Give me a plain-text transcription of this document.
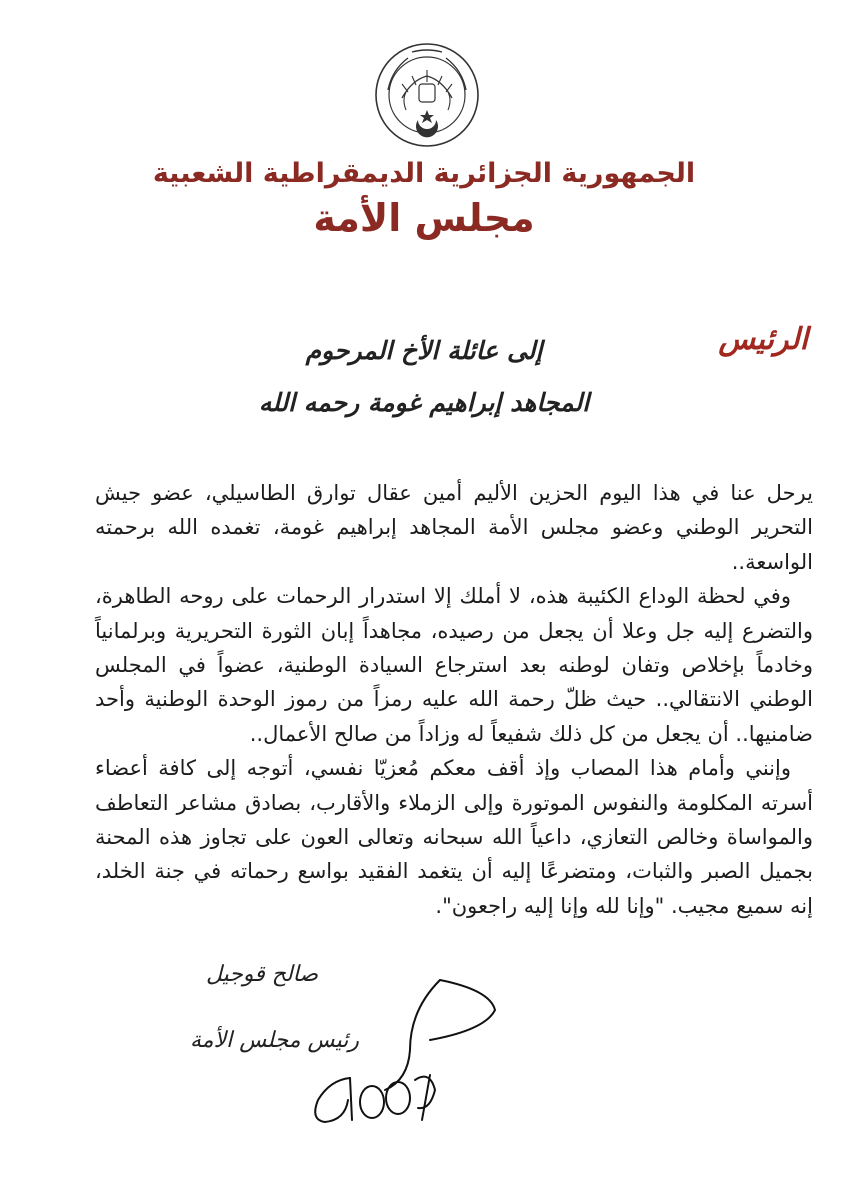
الجمهورية الجزائرية الديمقراطية الشعبية
مجلس الأمة
الرئيس
إلى عائلة الأخ المرحوم
المجاهد إبراهيم غومة رحمه الله

يرحل عنا في هذا اليوم الحزين الأليم أمين عقال توارق الطاسيلي، عضو جيش التحرير الوطني وعضو مجلس الأمة المجاهد إبراهيم غومة، تغمده الله برحمته الواسعة..

وفي لحظة الوداع الكئيبة هذه، لا أملك إلا استدرار الرحمات على روحه الطاهرة، والتضرع إليه جل وعلا أن يجعل من رصيده، مجاهداً إبان الثورة التحريرية وبرلمانياً وخادماً بإخلاص وتفان لوطنه بعد استرجاع السيادة الوطنية، عضواً في المجلس الوطني الانتقالي.. حيث ظلّ رحمة الله عليه رمزاً من رموز الوحدة الوطنية وأحد ضامنيها.. أن يجعل من كل ذلك شفيعاً له وزاداً من صالح الأعمال..

وإنني وأمام هذا المصاب وإذ أقف معكم مُعزيّا نفسي، أتوجه إلى كافة أعضاء أسرته المكلومة والنفوس الموتورة وإلى الزملاء والأقارب، بصادق مشاعر التعاطف والمواساة وخالص التعازي، داعياً الله سبحانه وتعالى العون على تجاوز هذه المحنة بجميل الصبر والثبات، ومتضرعًا إليه أن يتغمد الفقيد بواسع رحماته في جنة الخلد، إنه سميع مجيب. "وإنا لله وإنا إليه راجعون".

صالح قوجيل
رئيس مجلس الأمة
